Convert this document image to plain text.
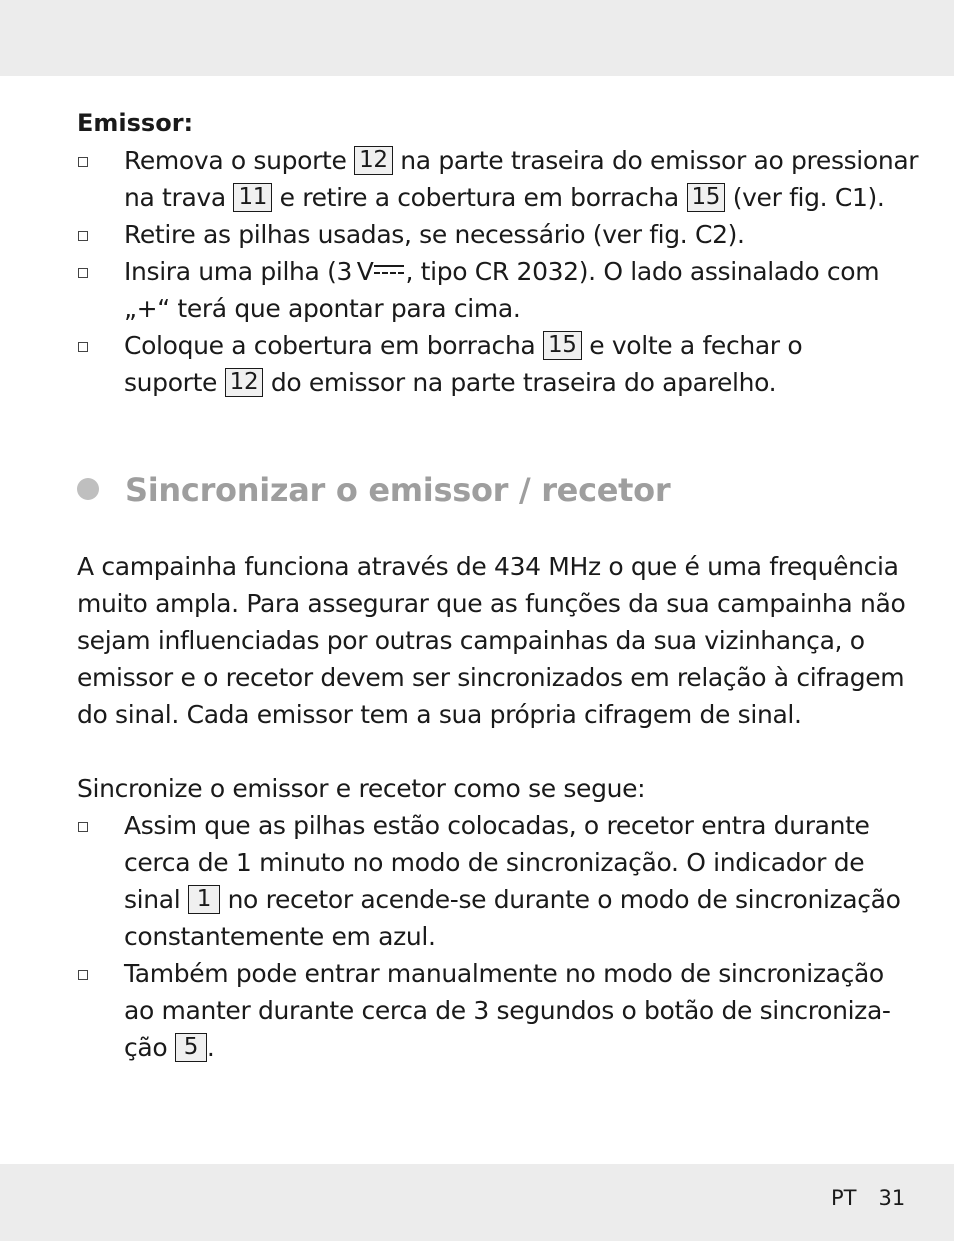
Emissor:
Remova o suporte 12 na parte traseira do emissor ao pressionar
na trava 11 e retire a cobertura em borracha 15 (ver fig. C1).
Retire as pilhas usadas, se necessário (ver fig. C2).
Insira uma pilha (3 V , tipo CR 2032). O lado assinalado com
„+“ terá que apontar para cima.
Coloque a cobertura em borracha 15 e volte a fechar o
suporte 12 do emissor na parte traseira do aparelho.
Sincronizar o emissor / recetor
A campainha funciona através de 434 MHz o que é uma frequência
muito ampla. Para assegurar que as funções da sua campainha não
sejam influenciadas por outras campainhas da sua vizinhança, o
emissor e o recetor devem ser sincronizados em relação à cifragem
do sinal. Cada emissor tem a sua própria cifragem de sinal.
Sincronize o emissor e recetor como se segue:
Assim que as pilhas estão colocadas, o recetor entra durante
cerca de 1 minuto no modo de sincronização. O indicador de
sinal 1 no recetor acende-se durante o modo de sincronização
constantemente em azul.
Também pode entrar manualmente no modo de sincronização
ao manter durante cerca de 3 segundos o botão de sincroniza-
ção 5 .
PT 31
